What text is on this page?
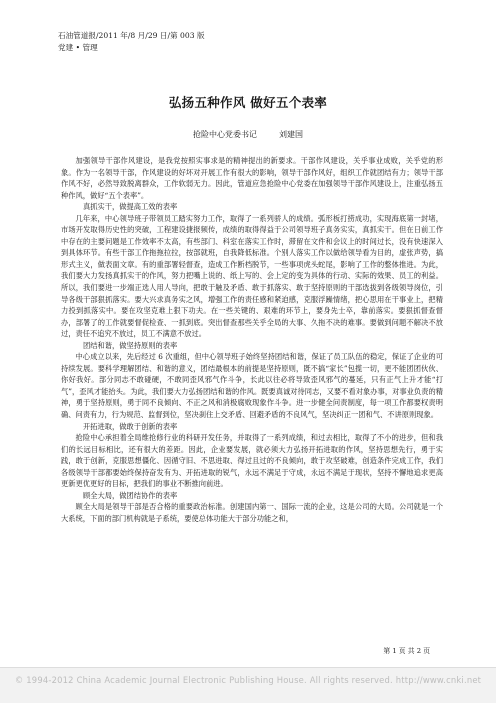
石油管道报/2011 年/8 月/29 日/第 003 版
党建 • 管理
弘扬五种作风 做好五个表率
抢险中心党委书记	刘建国

加强领导干部作风建设，是我党按照实事求是的精神提出的新要求。干部作风建设，关乎事业成败，关乎党的形象。作为一名领导干部，作风建设的好坏对开展工作有很大的影响，领导干部作风好，组织工作就团结有力；领导干部作风不好，必然导致脱离群众，工作软弱无力。因此，管道应急抢险中心党委在加强领导干部作风建设上，注重弘扬五种作风，做好“五个表率”。

真抓实干，做提高工效的表率

几年来，中心领导班子带领员工踏实努力工作，取得了一系列骄人的成绩。弧形板打捞成功，实现海底第一封堵，市场开发取得历史性的突破，工程建设捷报频传，成绩的取得得益于公司领导班子真务实实，真抓实干。但在日前工作中存在的主要问题是工作效率不太高，有些部门、科室在落实工作时，滞留在文件和会议上的时间过长，没有快速深入到具体环节。有些干部工作拖拖拉拉，按部就班，自我降低标准。个别人落实工作以做给领导看为目的，虚张声势，搞形式主义，做表面文章。有的重部署轻督查，造成工作断档脱节，一些事项虎头蛇尾，影响了工作的整体推进。为此，我们要大力发扬真抓实干的作风，努力把嘴上说的、纸上写的、会上定的变为具体的行动、实际的效果、员工的利益。所以，我们要进一步端正选人用人导向，把敢于触及矛盾、敢于抓落实、敢于坚持原则的干部选拔到各级领导岗位，引导各级干部狠抓落实。要大兴求真务实之风，增强工作的责任感和紧迫感，克服浮躁情绪，把心思用在干事业上，把精力投到抓落实中。要在攻坚克难上狠下功夫。在一些关键的、艰难的环节上，要身先士卒，靠前落实。要狠抓督查督办，部署了的工作就要督促检查、一抓到底。突出督查那些关乎全局的大事、久拖不决的难事。要做到问题不解决不放过，责任不追究不放过，员工不满意不放过。

团结和谐，做坚持原则的表率

中心成立以来，先后经过 6 次重组，但中心领导班子始终坚持团结和谐，保证了员工队伍的稳定，保证了企业的可持续发展。要科学理解团结、和谐的意义，团结最根本的前提是坚持原则，既不搞“家长”包揽一切，更不能团团伙伙、你好我好。部分同志不敢碰硬，不敢同歪风邪气作斗争，长此以往必将导致歪风邪气的蔓延，只有正气上升才能“打气”，歪风才能抬头。为此，我们要大力弘扬团结和谐的作风。既要真诚对待同志，又要不看对象办事，对事业负责的精神，勇于坚持原则，勇于同不良倾向、不正之风和消极腐败现象作斗争。进一步健全问责制度，每一项工作都要权责明确、问责有力，行为规范、监督到位，坚决刹住上交矛盾、回避矛盾的不良风气，坚决纠正一团和气、不讲原则现象。

开拓进取，做敢于创新的表率

抢险中心承担着全局维抢修行业的科研开发任务，并取得了一系列成绩，和过去相比，取得了不小的进步，但和我们的长远目标相比，还有很大的差距。因此，企业要发展，就必须大力弘扬开拓进取的作风，坚持思想先行，勇于实践，敢于创新，克服思想僵化、因循守旧、不思进取、得过且过的不良倾向，敢于攻坚破难，创造条件完成工作，我们各级领导干部都要始终保持奋发有为、开拓进取的锐气，永远不满足于守成，永远不满足于现状，坚持不懈地追求更高更新更优更好的目标，把我们的事业不断推向前进。

顾全大局，做团结协作的表率

顾全大局是领导干部是否合格的重要政治标准。创建国内第一、国际一流的企业，这是公司的大局。公司就是一个大系统，下面的部门机构就是子系统，要使总体功能大于部分功能之和，

第 1 页 共 2 页
© 1994-2012 China Academic Journal Electronic Publishing House. All rights reserved. http://www.cnki.net
